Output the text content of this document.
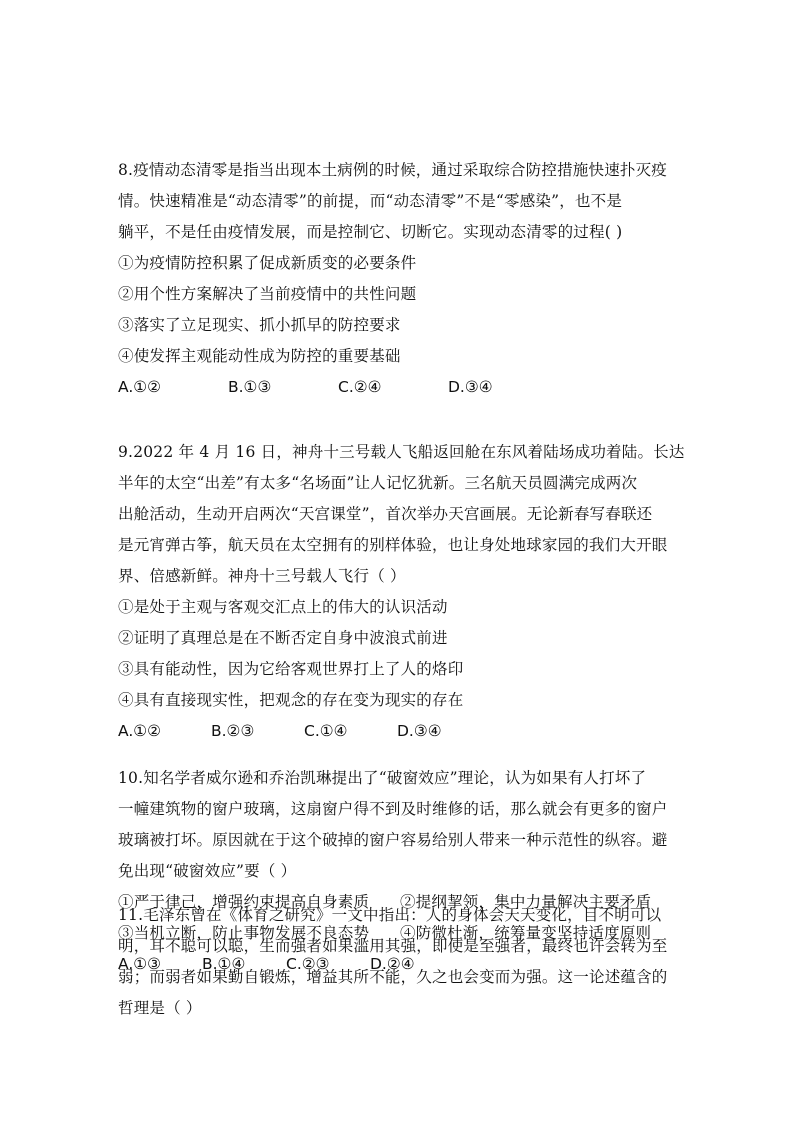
8.疫情动态清零是指当出现本土病例的时候，通过采取综合防控措施快速扑灭疫
情。快速精准是“动态清零”的前提，而“动态清零”不是“零感染”，也不是
躺平，不是任由疫情发展，而是控制它、切断它。实现动态清零的过程( )
①为疫情防控积累了促成新质变的必要条件
②用个性方案解决了当前疫情中的共性问题
③落实了立足现实、抓小抓早的防控要求
④使发挥主观能动性成为防控的重要基础
A.①②	B.①③	C.②④	D.③④
9.2022 年 4 月 16 日，神舟十三号载人飞船返回舱在东风着陆场成功着陆。长达
半年的太空“出差”有太多“名场面”让人记忆犹新。三名航天员圆满完成两次
出舱活动，生动开启两次“天宫课堂”，首次举办天宫画展。无论新春写春联还
是元宵弹古筝，航天员在太空拥有的别样体验，也让身处地球家园的我们大开眼
界、倍感新鲜。神舟十三号载人飞行（ ）
①是处于主观与客观交汇点上的伟大的认识活动
②证明了真理总是在不断否定自身中波浪式前进
③具有能动性，因为它给客观世界打上了人的烙印
④具有直接现实性，把观念的存在变为现实的存在
A.①②	B.②③	C.①④	D.③④
10.知名学者威尔逊和乔治凯琳提出了“破窗效应”理论，认为如果有人打坏了
一幢建筑物的窗户玻璃，这扇窗户得不到及时维修的话，那么就会有更多的窗户
玻璃被打坏。原因就在于这个破掉的窗户容易给别人带来一种示范性的纵容。避
免出现“破窗效应”要（ ）
①严于律己，增强约束提高自身素质	②提纲挈领，集中力量解决主要矛盾
③当机立断，防止事物发展不良态势	④防微杜渐，统筹量变坚持适度原则
A.①③	B.①④	C.②③	D.②④
11.毛泽东曾在《体育之研究》一文中指出：人的身体会天天变化，目不明可以
明，耳不聪可以聪，生而强者如果滥用其强，即使是至强者，最终也许会转为至
弱；而弱者如果勤自锻炼，增益其所不能，久之也会变而为强。这一论述蕴含的
哲理是（ ）
